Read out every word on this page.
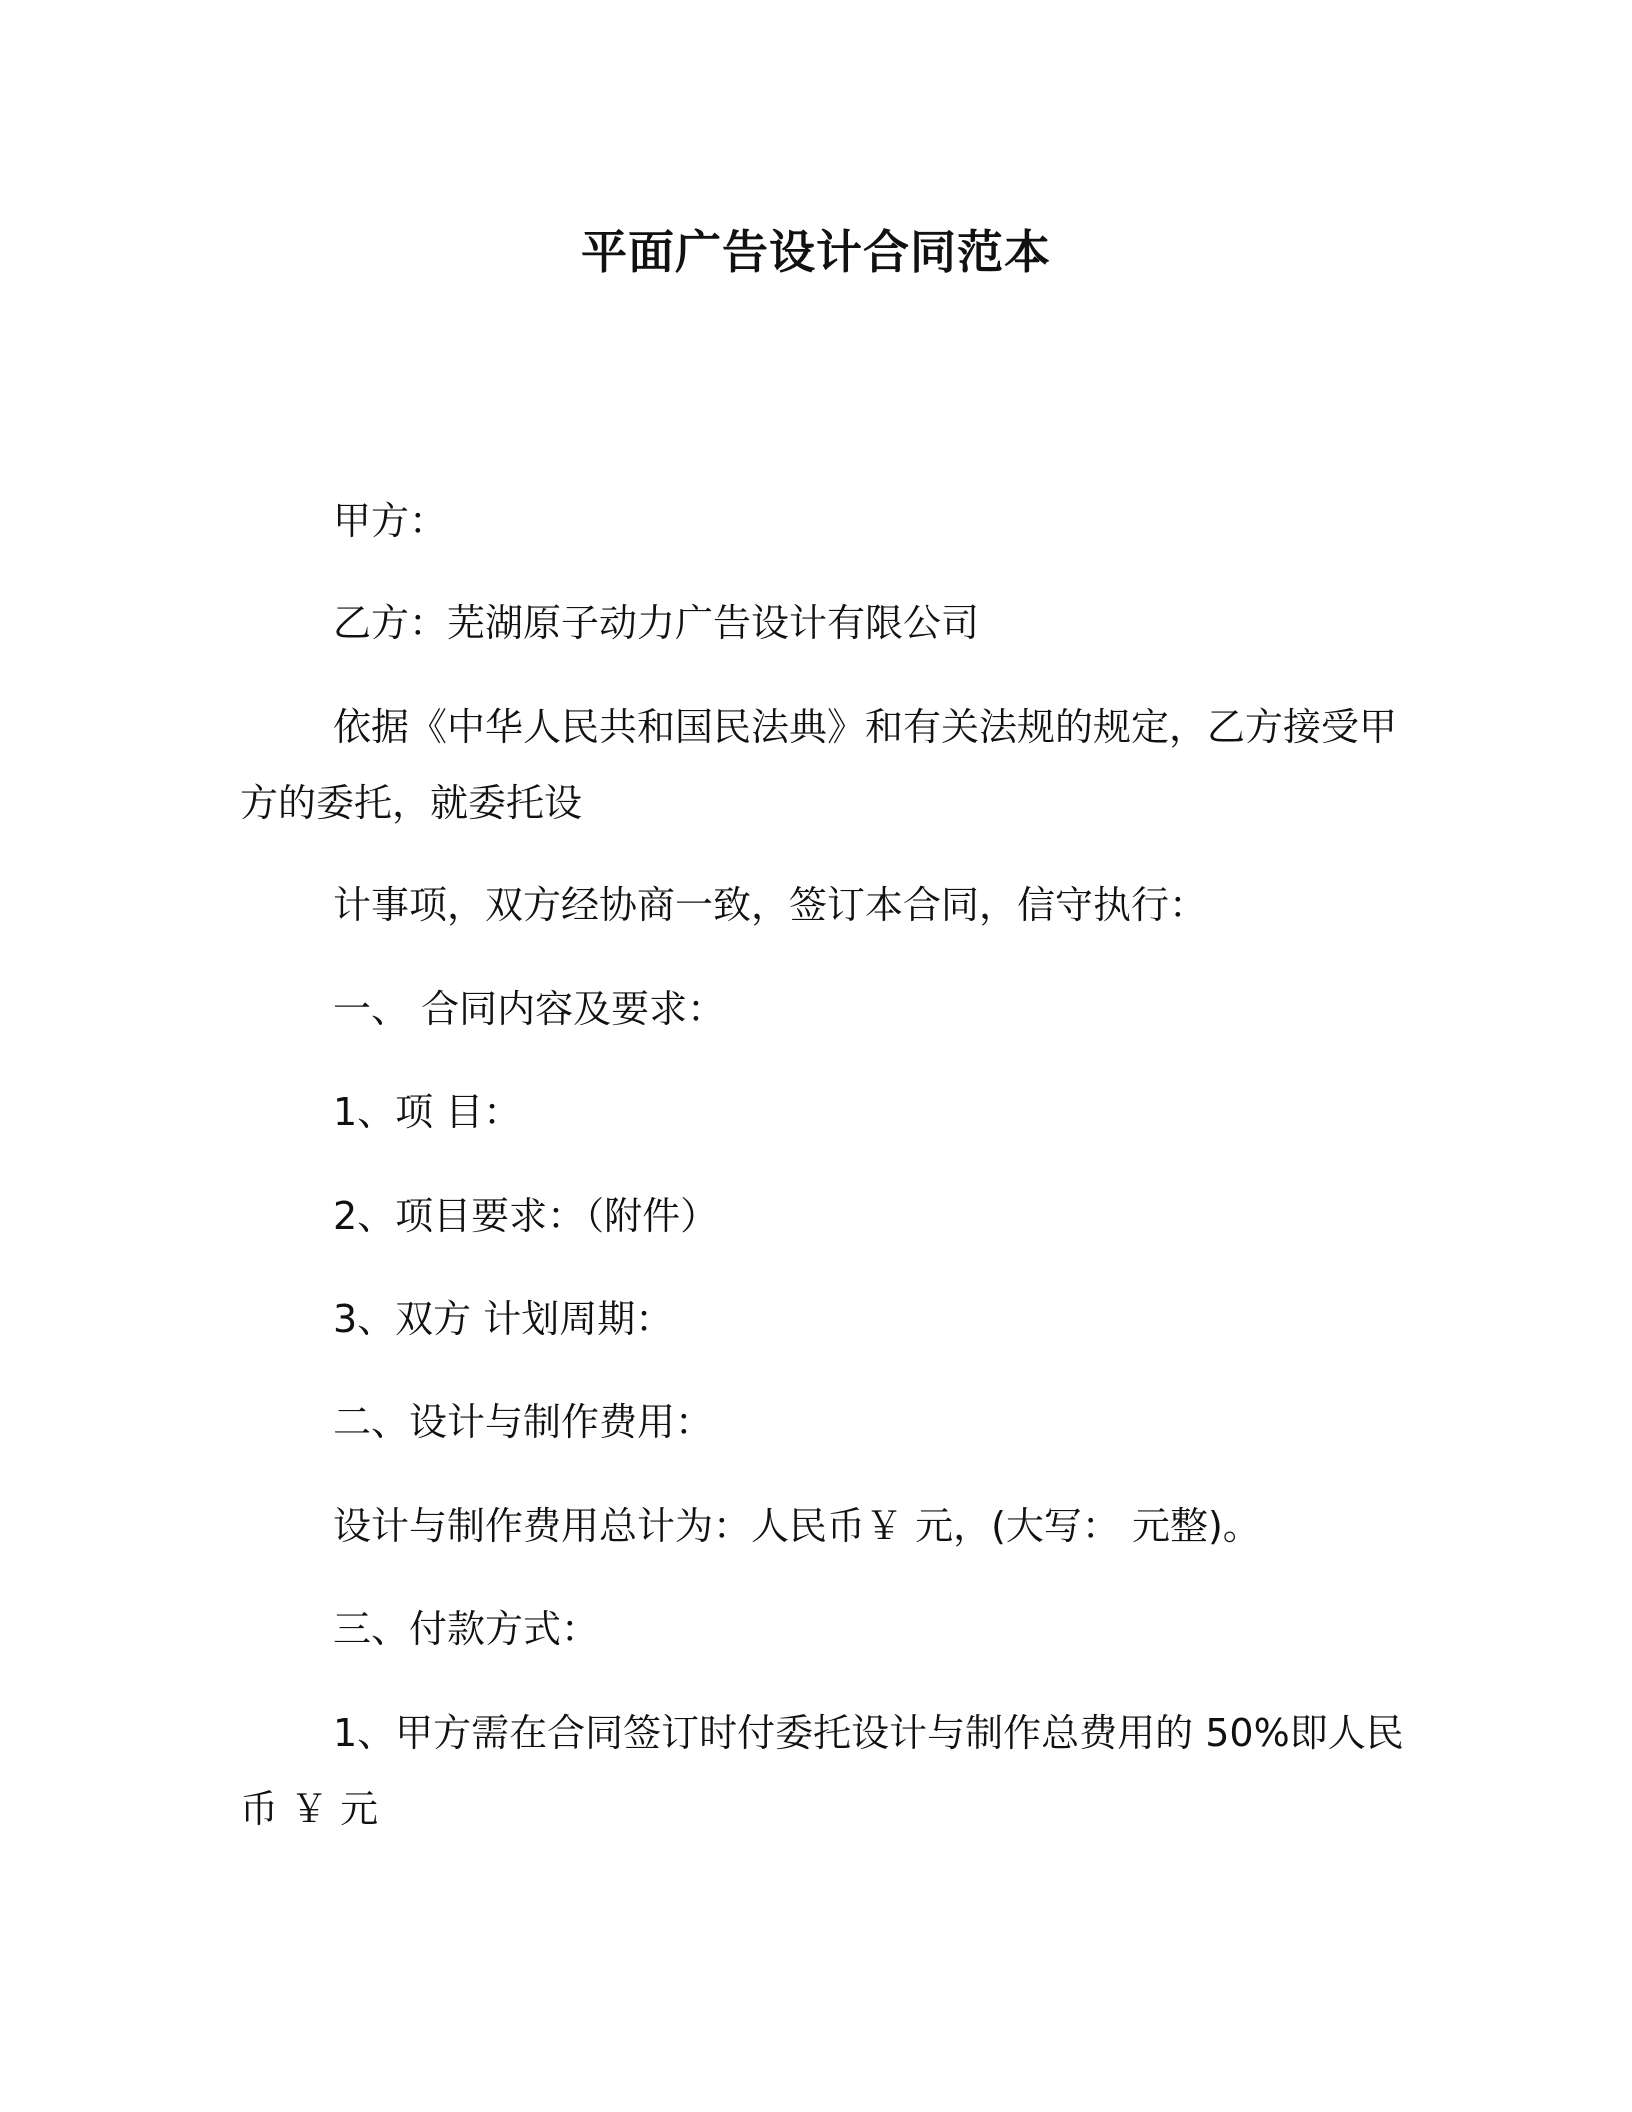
平面广告设计合同范本
甲方：
乙方：芜湖原子动力广告设计有限公司
依据《中华人民共和国民法典》和有关法规的规定，乙方接受甲
方的委托，就委托设
计事项，双方经协商一致，签订本合同，信守执行：
一、 合同内容及要求：
1、项 目：
2、项目要求：（附件）
3、双方 计划周期：
二、设计与制作费用：
设计与制作费用总计为：人民币￥ 元，(大写： 元整)。
三、付款方式：
1、甲方需在合同签订时付委托设计与制作总费用的 50%即人民
币 ￥ 元
